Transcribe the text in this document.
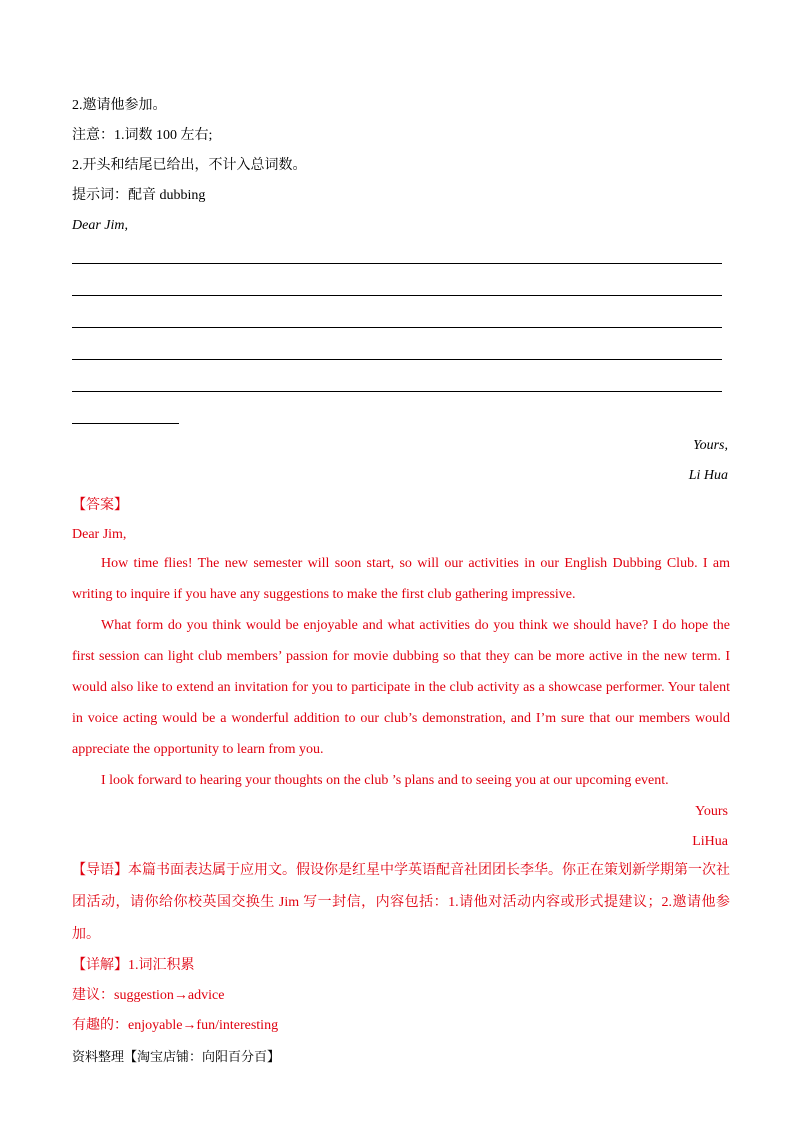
2.邀请他参加。
注意：1.词数 100 左右;
2.开头和结尾已给出，不计入总词数。
提示词：配音 dubbing
Dear Jim,
Yours,
Li Hua
【答案】
Dear Jim,

How time flies! The new semester will soon start, so will our activities in our English Dubbing Club. I am writing to inquire if you have any suggestions to make the first club gathering impressive.

What form do you think would be enjoyable and what activities do you think we should have? I do hope the first session can light club members’ passion for movie dubbing so that they can be more active in the new term. I would also like to extend an invitation for you to participate in the club activity as a showcase performer. Your talent in voice acting would be a wonderful addition to our club’s demonstration, and I’m sure that our members would appreciate the opportunity to learn from you.

I look forward to hearing your thoughts on the club ’s plans and to seeing you at our upcoming event.

Yours
LiHua

【导语】本篇书面表达属于应用文。假设你是红星中学英语配音社团团长李华。你正在策划新学期第一次社团活动，请你给你校英国交换生 Jim 写一封信，内容包括：1.请他对活动内容或形式提建议；2.邀请他参加。

【详解】1.词汇积累
建议：suggestion→advice
有趣的：enjoyable→fun/interesting
资料整理【淘宝店铺：向阳百分百】
